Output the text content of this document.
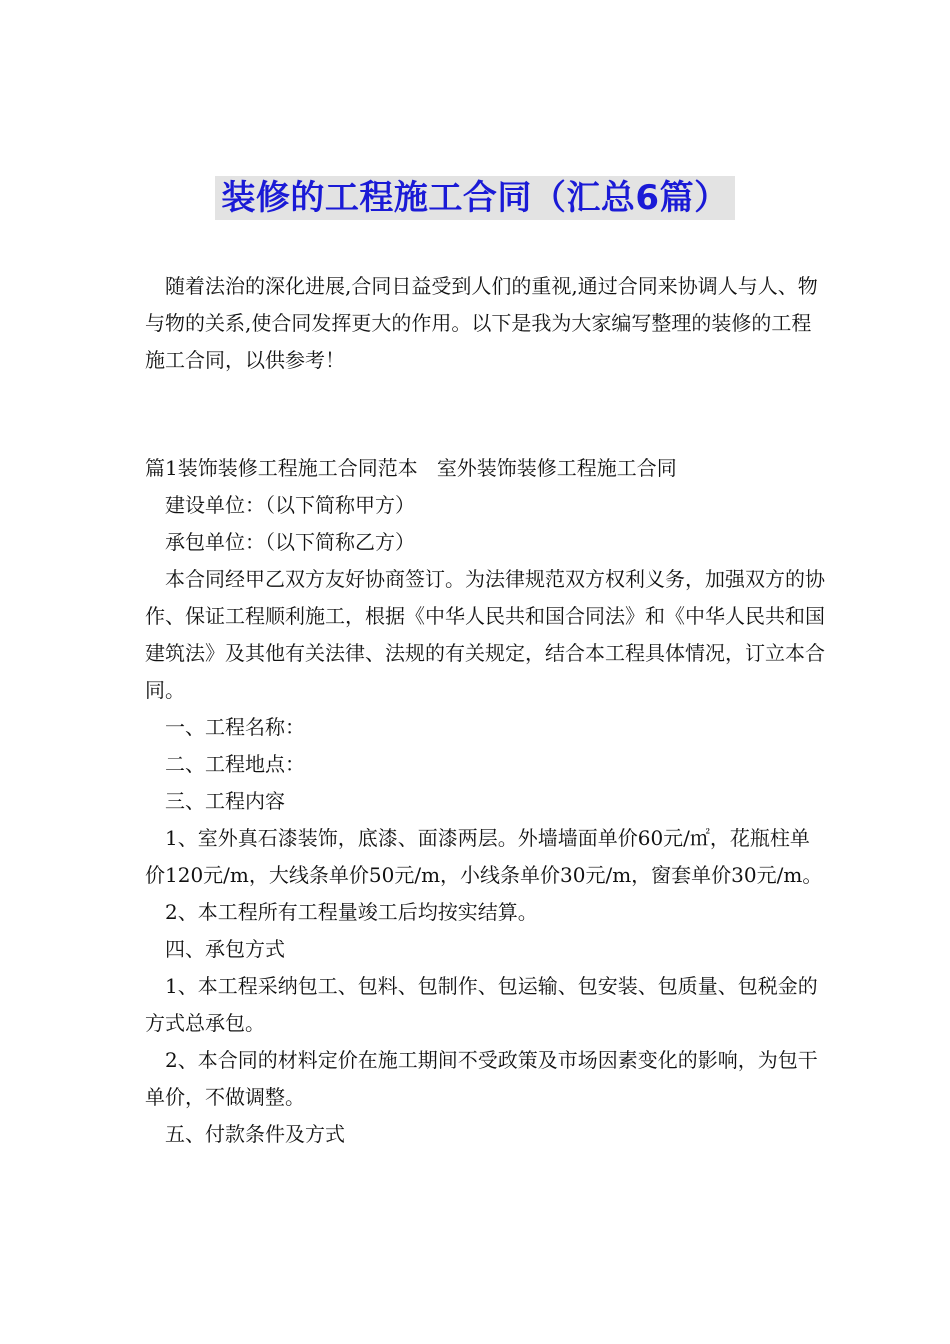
装修的工程施工合同（汇总6篇）

随着法治的深化进展,合同日益受到人们的重视,通过合同来协调人与人、物与物的关系,使合同发挥更大的作用。以下是我为大家编写整理的装修的工程施工合同，以供参考！

篇1装饰装修工程施工合同范本 室外装饰装修工程施工合同

建设单位：（以下简称甲方）

承包单位：（以下简称乙方）

本合同经甲乙双方友好协商签订。为法律规范双方权利义务，加强双方的协作、保证工程顺利施工，根据《中华人民共和国合同法》和《中华人民共和国建筑法》及其他有关法律、法规的有关规定，结合本工程具体情况，订立本合同。

一、工程名称：

二、工程地点：

三、工程内容

1、室外真石漆装饰，底漆、面漆两层。外墙墙面单价60元/㎡，花瓶柱单价120元/m，大线条单价50元/m，小线条单价30元/m，窗套单价30元/m。

2、本工程所有工程量竣工后均按实结算。

四、承包方式

1、本工程采纳包工、包料、包制作、包运输、包安装、包质量、包税金的方式总承包。

2、本合同的材料定价在施工期间不受政策及市场因素变化的影响，为包干单价，不做调整。

五、付款条件及方式
